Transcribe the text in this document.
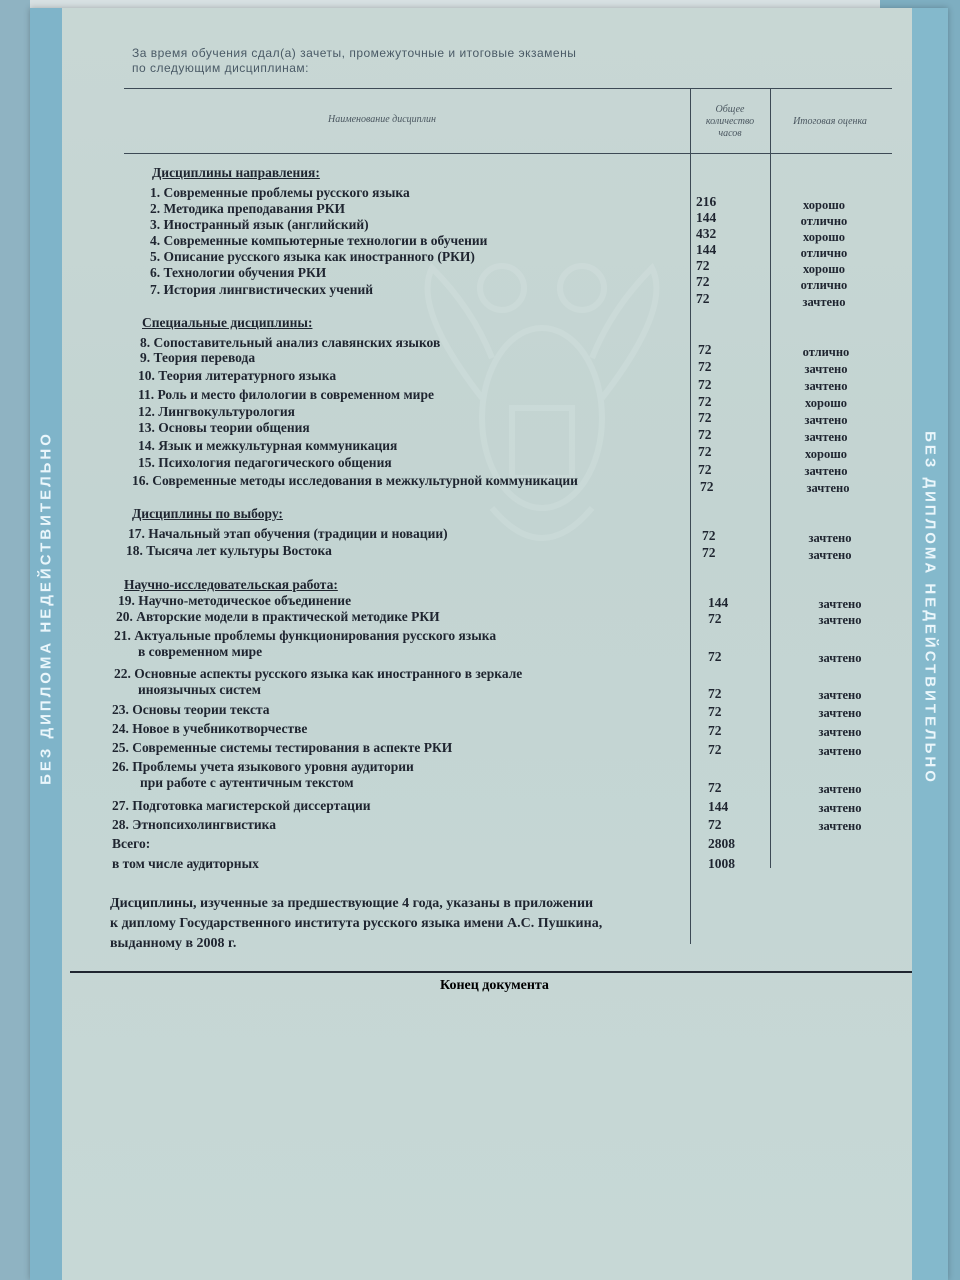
БЕЗ ДИПЛОМА НЕДЕЙСТВИТЕЛЬНО
За время обучения сдал(а) зачеты, промежуточные и итоговые экзамены
по следующим дисциплинам:
Наименование дисциплин
Общее количество часов
Итоговая оценка
Дисциплины направления:
1. Современные проблемы русского языка
216	хорошо
2. Методика преподавания РКИ
144	отлично
3. Иностранный язык (английский)
432	хорошо
4. Современные компьютерные технологии в обучении
144	отлично
5. Описание русского языка как иностранного (РКИ)
72	хорошо
6. Технологии обучения РКИ
72	отлично
7. История лингвистических учений
72	зачтено
Специальные дисциплины:
8. Сопоставительный анализ славянских языков	72	отлично
9. Теория перевода
72	зачтено
10. Теория литературного языка
72	зачтено
11. Роль и место филологии в современном мире	72	хорошо
12. Лингвокультурология	72	зачтено
13. Основы теории общения	72	зачтено
14. Язык и межкультурная коммуникация	72	хорошо
15. Психология педагогического общения	72	зачтено
16. Современные методы исследования в межкультурной коммуникации	72	зачтено
Дисциплины по выбору:
17. Начальный этап обучения (традиции и новации)	72	зачтено
18. Тысяча лет культуры Востока	72	зачтено
Научно-исследовательская работа:
19. Научно-методическое объединение	144	зачтено
20. Авторские модели в практической методике РКИ	72	зачтено
21. Актуальные проблемы функционирования русского языка
в современном мире	72	зачтено
22. Основные аспекты русского языка как иностранного в зеркале
иноязычных систем	72	зачтено
23. Основы теории текста	72	зачтено
24. Новое в учебникотворчестве	72	зачтено
25. Современные системы тестирования в аспекте РКИ	72	зачтено
26. Проблемы учета языкового уровня аудитории
при работе с аутентичным текстом	72	зачтено
27. Подготовка магистерской диссертации	144	зачтено
28. Этнопсихолингвистика	72	зачтено
Всего:	2808
в том числе аудиторных	1008
Дисциплины, изученные за предшествующие 4 года, указаны в приложении
к диплому Государственного института русского языка имени А.С. Пушкина,
выданному в 2008 г.
Конец документа
БЕЗ ДИПЛОМА НЕДЕЙСТВИТЕЛЬНО
